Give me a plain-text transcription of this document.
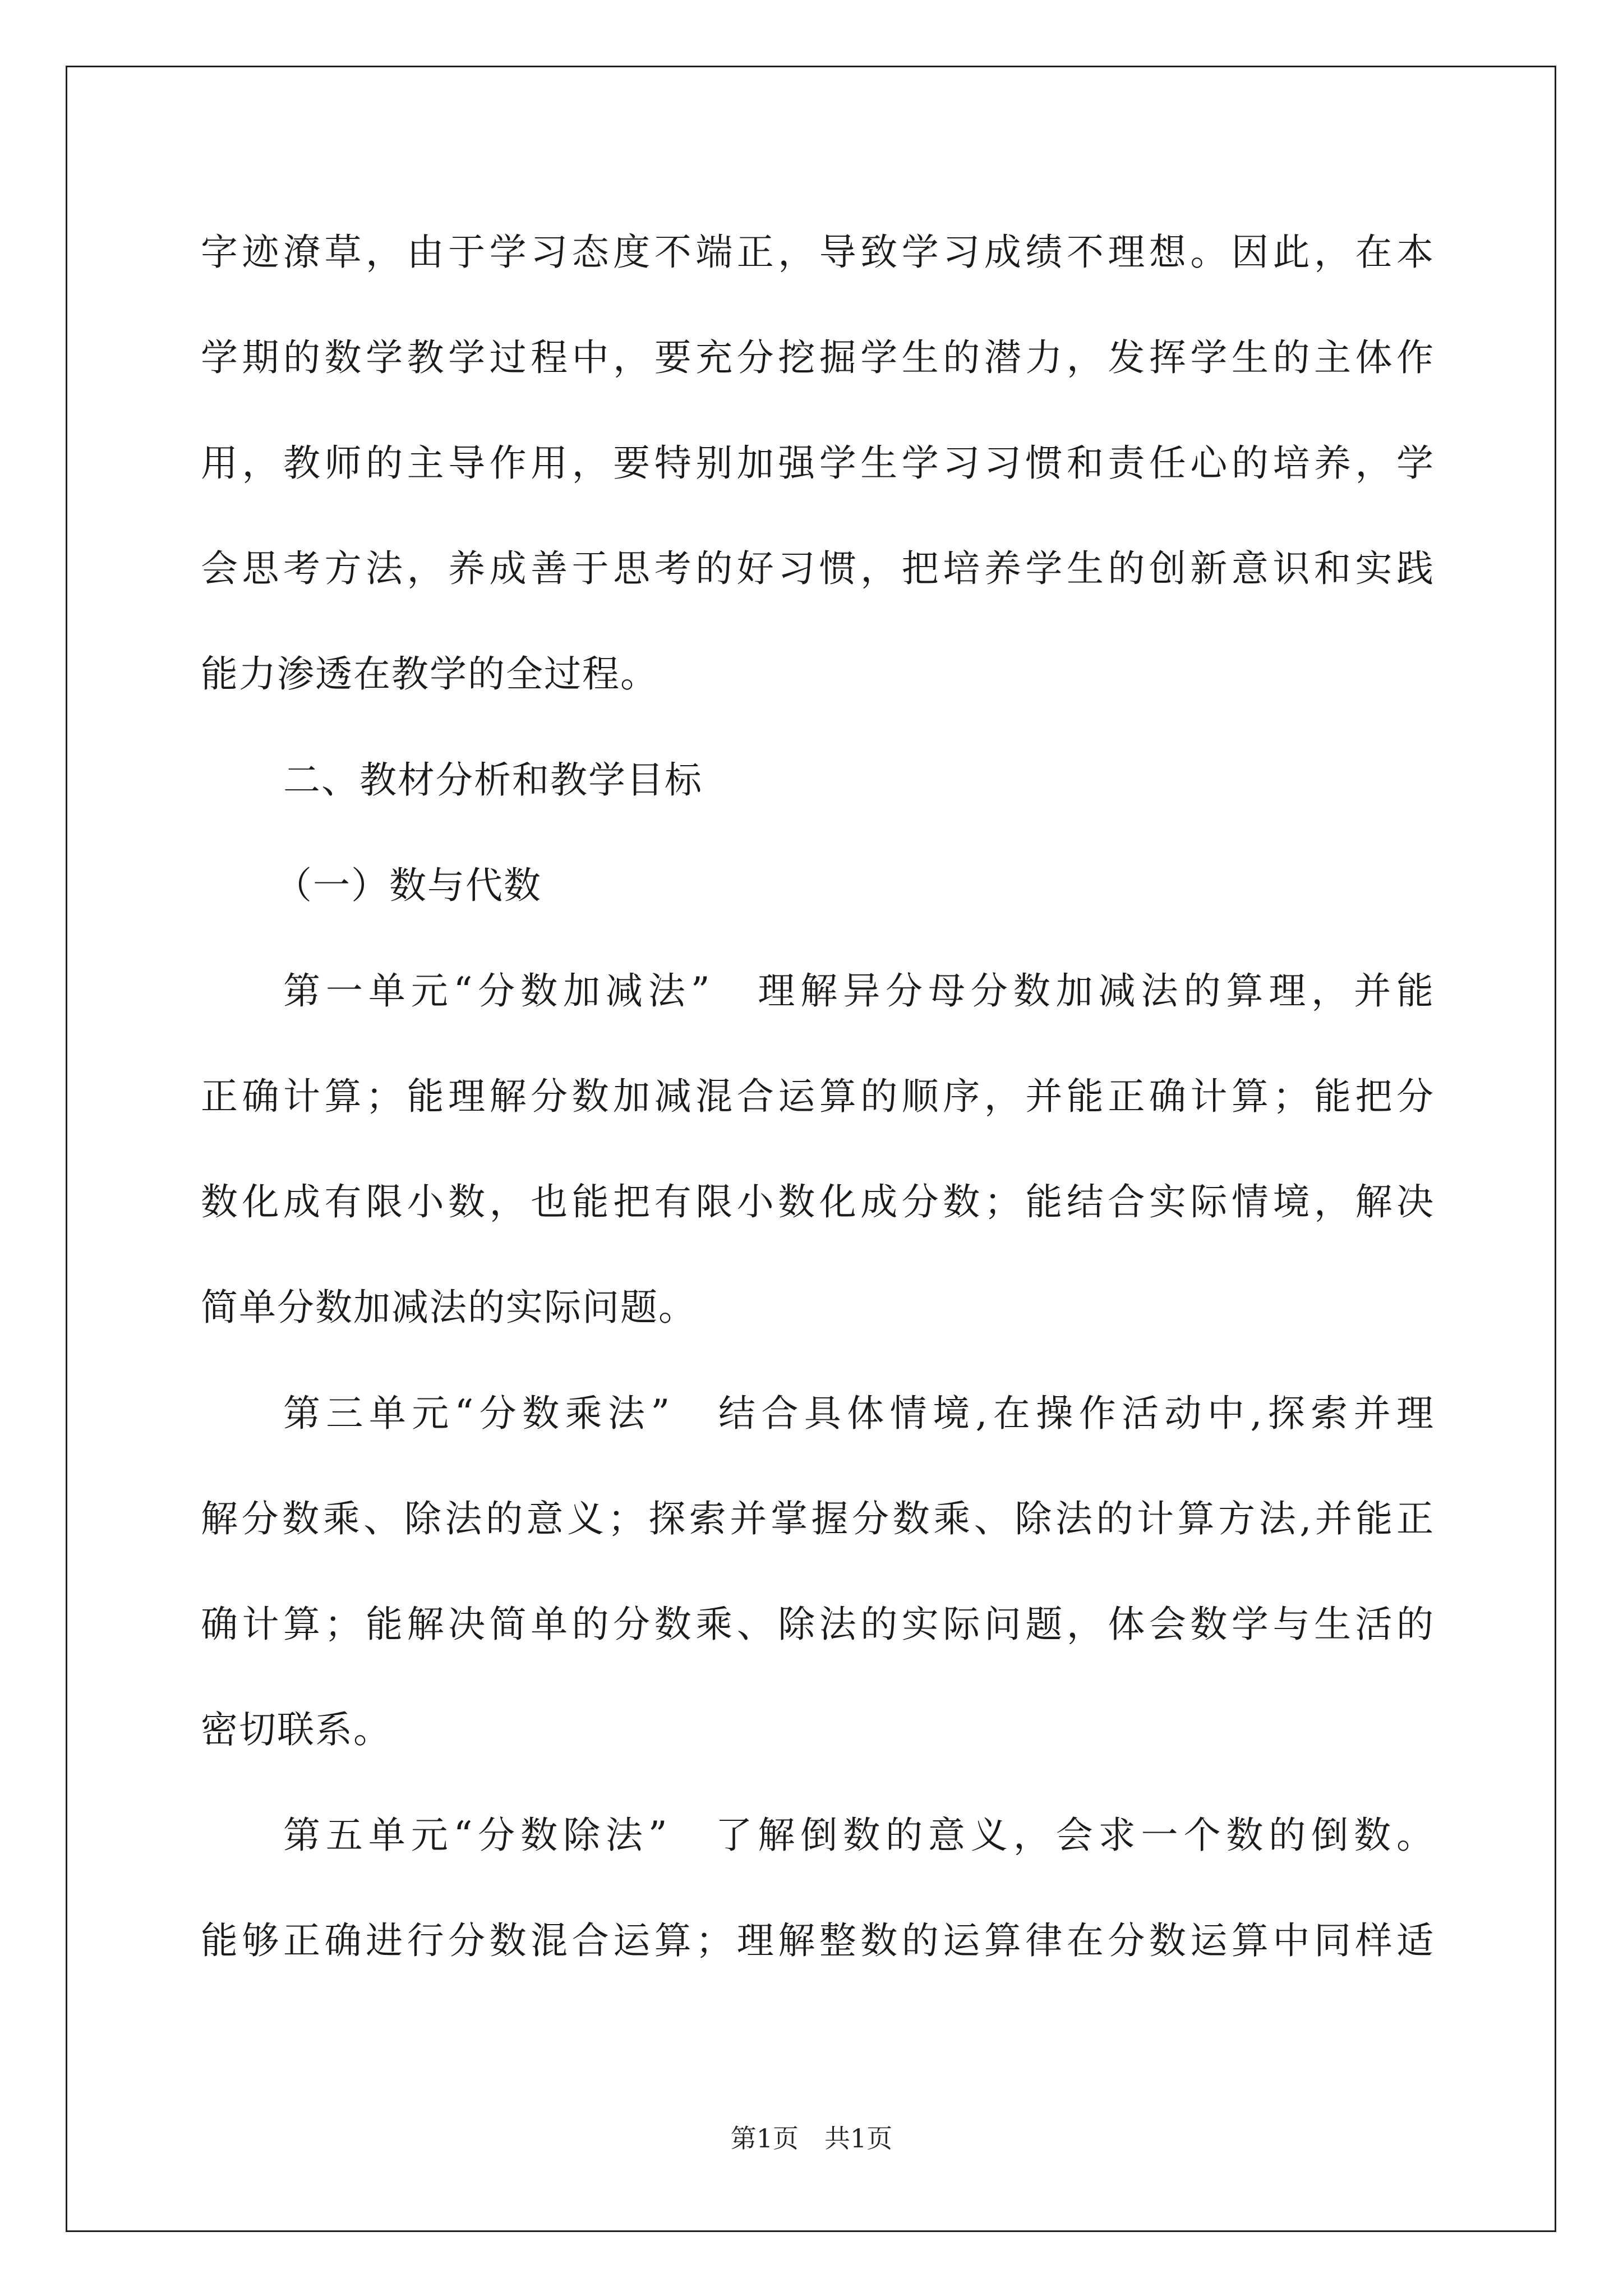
字迹潦草，由于学习态度不端正，导致学习成绩不理想。因此，在本
学期的数学教学过程中，要充分挖掘学生的潜力，发挥学生的主体作
用，教师的主导作用，要特别加强学生学习习惯和责任心的培养，学
会思考方法，养成善于思考的好习惯，把培养学生的创新意识和实践
能力渗透在教学的全过程。
二、教材分析和教学目标
（一）数与代数
第一单元“分数加减法”　理解异分母分数加减法的算理，并能
正确计算；能理解分数加减混合运算的顺序，并能正确计算；能把分
数化成有限小数，也能把有限小数化成分数；能结合实际情境，解决
简单分数加减法的实际问题。
第三单元“分数乘法”　结合具体情境,在操作活动中,探索并理
解分数乘、除法的意义；探索并掌握分数乘、除法的计算方法,并能正
确计算；能解决简单的分数乘、除法的实际问题，体会数学与生活的
密切联系。
第五单元“分数除法”　了解倒数的意义，会求一个数的倒数。
能够正确进行分数混合运算；理解整数的运算律在分数运算中同样适
第1页　共1页
